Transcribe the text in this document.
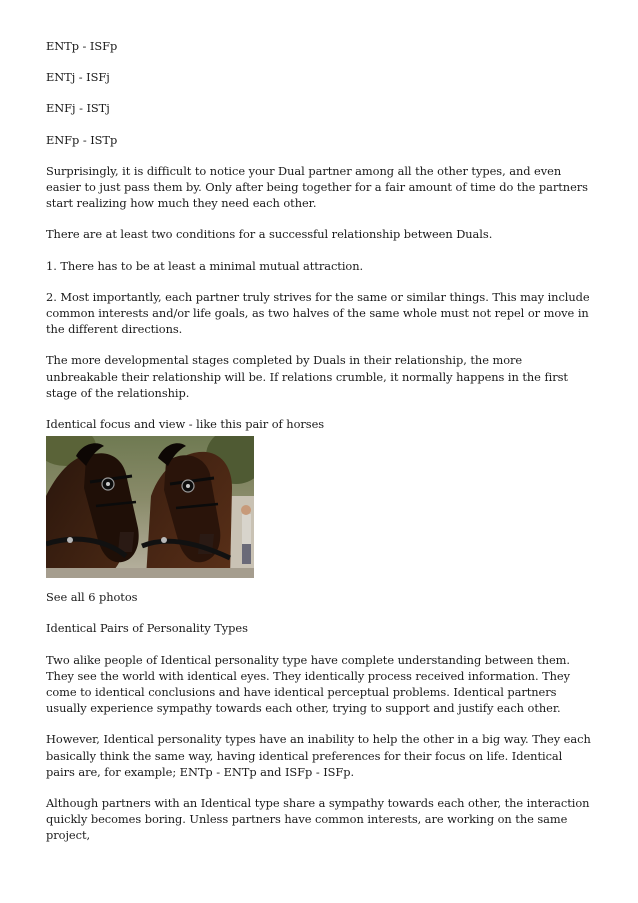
ENTp - ISFp

ENTj - ISFj

ENFj - ISTj

ENFp - ISTp

Surprisingly, it is difficult to notice your Dual partner among all the other types, and even easier to just pass them by. Only after being together for a fair amount of time do the partners start realizing how much they need each other.

There are at least two conditions for a successful relationship between Duals.

1. There has to be at least a minimal mutual attraction.

2. Most importantly, each partner truly strives for the same or similar things. This may include common interests and/or life goals, as two halves of the same whole must not repel or move in the different directions.

The more developmental stages completed by Duals in their relationship, the more unbreakable their relationship will be. If relations crumble, it normally happens in the first stage of the relationship.

Identical focus and view - like this pair of horses

See all 6 photos

Identical Pairs of Personality Types

Two alike people of Identical personality type have complete understanding between them. They see the world with identical eyes. They identically process received information. They come to identical conclusions and have identical perceptual problems. Identical partners usually experience sympathy towards each other, trying to support and justify each other.

However, Identical personality types have an inability to help the other in a big way. They each basically think the same way, having identical preferences for their focus on life. Identical pairs are, for example; ENTp - ENTp and ISFp - ISFp.

Although partners with an Identical type share a sympathy towards each other, the interaction quickly becomes boring. Unless partners have common interests, are working on the same project,
